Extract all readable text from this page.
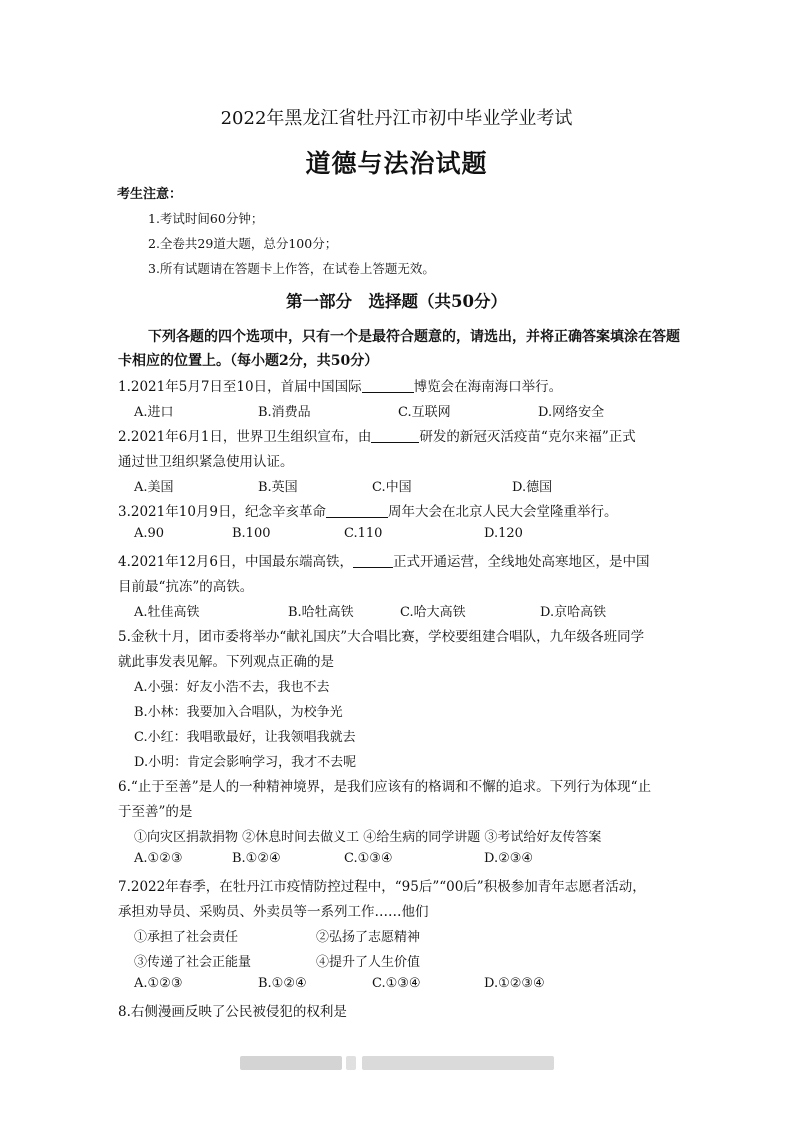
2022年黑龙江省牡丹江市初中毕业学业考试
道德与法治试题
考生注意：
1.考试时间60分钟；
2.全卷共29道大题，总分100分；
3.所有试题请在答题卡上作答，在试卷上答题无效。
第一部分　选择题（共50分）
下列各题的四个选项中，只有一个是最符合题意的，请选出，并将正确答案填涂在答题
卡相应的位置上。（每小题2分，共50分）
1.2021年5月7日至10日，首届中国国际	博览会在海南海口举行。
A.进口	B.消费品	C.互联网	D.网络安全
2.2021年6月1日，世界卫生组织宣布，由	研发的新冠灭活疫苗“克尔来福”正式
通过世卫组织紧急使用认证。
A.美国	B.英国	C.中国	D.德国
3.2021年10月9日，纪念辛亥革命	周年大会在北京人民大会堂隆重举行。
A.90	B.100	C.110	D.120
4.2021年12月6日，中国最东端高铁，	正式开通运营，全线地处高寒地区，是中国
目前最“抗冻”的高铁。
A.牡佳高铁	B.哈牡高铁	C.哈大高铁	D.京哈高铁
5.金秋十月，团市委将举办“献礼国庆”大合唱比赛，学校要组建合唱队，九年级各班同学
就此事发表见解。下列观点正确的是
A.小强：好友小浩不去，我也不去
B.小林：我要加入合唱队，为校争光
C.小红：我唱歌最好，让我领唱我就去
D.小明：肯定会影响学习，我才不去呢
6.“止于至善”是人的一种精神境界，是我们应该有的格调和不懈的追求。下列行为体现“止
于至善”的是
①向灾区捐款捐物 ②休息时间去做义工 ④给生病的同学讲题 ③考试给好友传答案
A.①②③	B.①②④	C.①③④	D.②③④
7.2022年春季，在牡丹江市疫情防控过程中，“95后”“00后”积极参加青年志愿者活动，
承担劝导员、采购员、外卖员等一系列工作……他们
①承担了社会责任	②弘扬了志愿精神
③传递了社会正能量	④提升了人生价值
A.①②③	B.①②④	C.①③④	D.①②③④
8.右侧漫画反映了公民被侵犯的权利是
